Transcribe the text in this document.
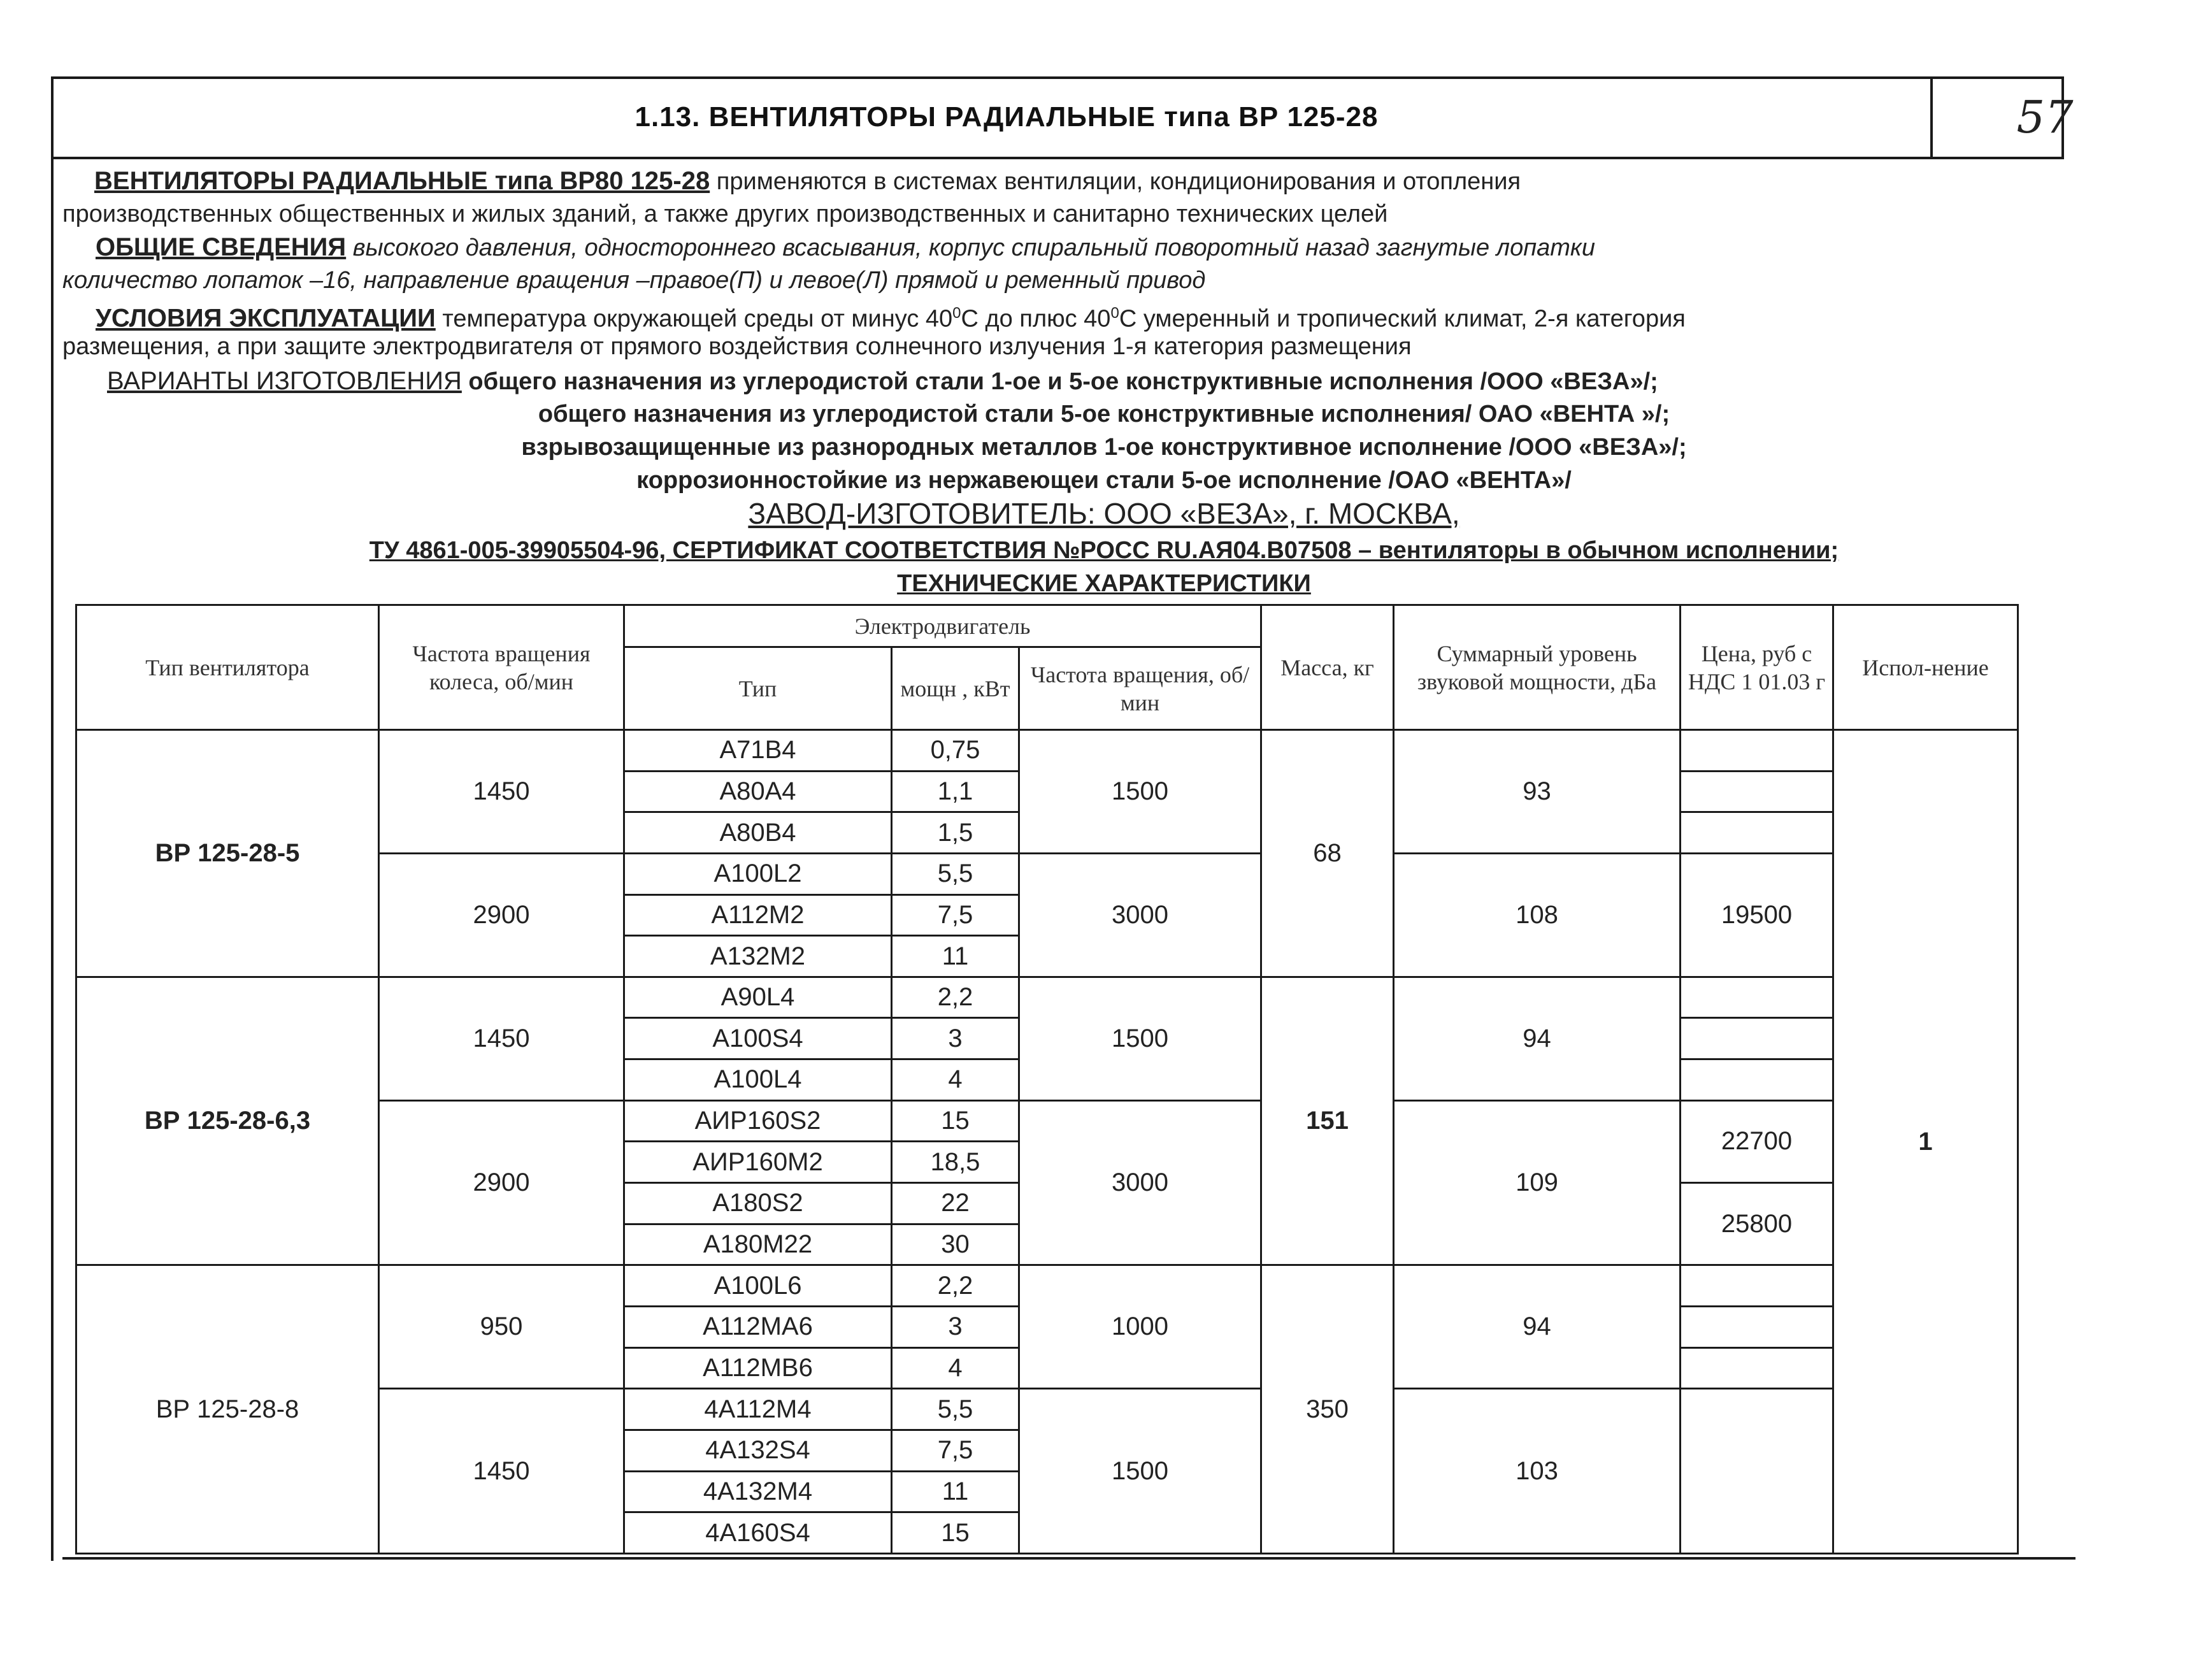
1.13. ВЕНТИЛЯТОРЫ РАДИАЛЬНЫЕ типа ВР 125-28	57
ВЕНТИЛЯТОРЫ РАДИАЛЬНЫЕ типа ВР80 125-28 применяются в системах вентиляции, кондиционирования и отопления
производственных общественных и жилых зданий, а также других производственных и санитарно технических целей
ОБЩИЕ СВЕДЕНИЯ высокого давления, одностороннего всасывания, корпус спиральный поворотный назад загнутые лопатки
количество лопаток –16, направление вращения –правое(П) и левое(Л) прямой и ременный привод
УСЛОВИЯ ЭКСПЛУАТАЦИИ температура окружающей среды от минус $40^0С$ до плюс $40^0С$ умеренный и тропический климат, 2-я категория
размещения, а при защите электродвигателя от прямого воздействия солнечного излучения 1-я категория размещения
ВАРИАНТЫ ИЗГОТОВЛЕНИЯ общего назначения из углеродистой стали 1-ое и 5-ое конструктивные исполнения /ООО «ВЕЗА»/;
общего назначения из углеродистой стали 5-ое конструктивные исполнения/ ОАО «ВЕНТА »/;
взрывозащищенные из разнородных металлов 1-ое конструктивное исполнение /ООО «ВЕЗА»/;
коррозионностойкие из нержавеющеи стали 5-ое исполнение /ОАО «ВЕНТА»/
ЗАВОД-ИЗГОТОВИТЕЛЬ: ООО «ВЕЗА», г. МОСКВА,
ТУ 4861-005-39905504-96, СЕРТИФИКАТ СООТВЕТСТВИЯ №РОСС RU.АЯ04.В07508 – вентиляторы в обычном исполнении;
ТЕХНИЧЕСКИЕ ХАРАКТЕРИСТИКИ
Тип вентилятора	Частота вращения колеса, об/мин	Электродвигатель			Масса, кг	Суммарный уровень звуковой мощности, дБа	Цена, руб с НДС 1 01.03 г	Испол-нение
		Тип	мощн , кВт	Частота вращения, об/мин				
ВР 125-28-5	1450	А71В4	0,75	1500	68	93		1
		А80А4	1,1					
		А80В4	1,5					
	2900	А100L2	5,5	3000		108	19500	
		А112М2	7,5					
		А132М2	11					
ВР 125-28-6,3	1450	А90L4	2,2	1500	151	94		
		А100S4	3					
		А100L4	4					
	2900	АИР160S2	15	3000		109	22700	
		АИР160М2	18,5					
		А180S2	22				25800	
		А180М22	30					
ВР 125-28-8	950	А100L6	2,2	1000	350	94		
		А112МА6	3					
		А112МВ6	4					
	1450	4А112М4	5,5	1500		103		
		4А132S4	7,5					
		4А132М4	11					
		4А160S4	15					
